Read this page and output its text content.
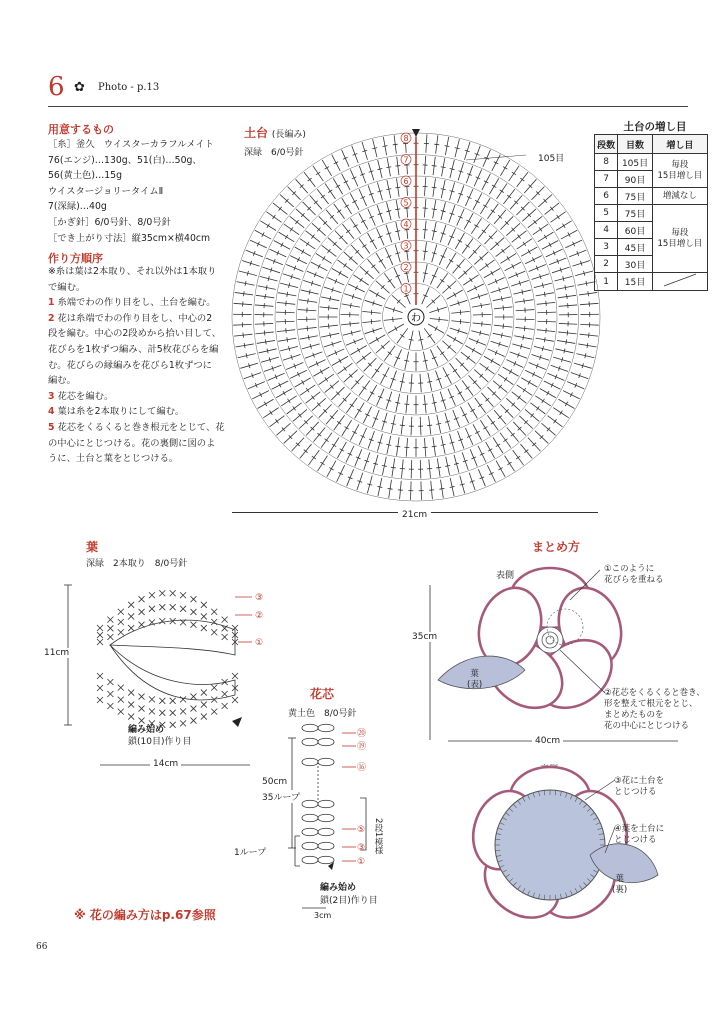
6 ✿ Photo - p.13
用意するもの
［糸］釜久　ウイスターカラフルメイト
76(エンジ)…130g、51(白)…50g、
56(黄土色)…15g
ウイスタージョリータイムⅡ
7(深緑)…40g
［かぎ針］6/0号針、8/0号針
［でき上がり寸法］縦35cm×横40cm
作り方順序
※糸は葉は2本取り、それ以外は1本取り
で編む。
1 糸端でわの作り目をし、土台を編む。
2 花は糸端でわの作り目をし、中心の2
段を編む。中心の2段めから拾い目して、
花びらを1枚ずつ編み、計5枚花びらを編
む。花びらの縁編みを花びら1枚ずつに
編む。
3 花芯を編む。
4 葉は糸を2本取りにして編む。
5 花芯をくるくると巻き根元をとじて、花
の中心にとじつける。花の裏側に図のよ
うに、土台と葉をとじつける。
土台 (長編み)
深緑　6/0号針
105目
わ
1
2
3
4
5
6
7
8
21cm
土台の増し目
段数	目数	増し目
8	105目	毎段
15目増し目
7	90目	
6	75目	増減なし
5	75目	毎段
15目増し目
4	60目	
3	45目	
2	30目	
1	15目	
葉
深緑　2本取り　8/0号針
③
②
①
11cm
編み始め
鎖(10目)作り目
14cm
花芯
黄土色　8/0号針
⑳
⑲
⑯
⑤
③
①
50cm
35ループ
1ループ	2段1模様
編み始め
鎖(2目)作り目
3cm
まとめ方
表側
35cm
40cm
①このように
花びらを重ねる
②花芯をくるくると巻き、
形を整えて根元をとじ、
まとめたものを
花の中心にとじつける
③花に土台を
とじつける
④葉を土台に
とじつける
葉
(表)
葉
(裏)
※ 花の編み方はp.67参照
66
